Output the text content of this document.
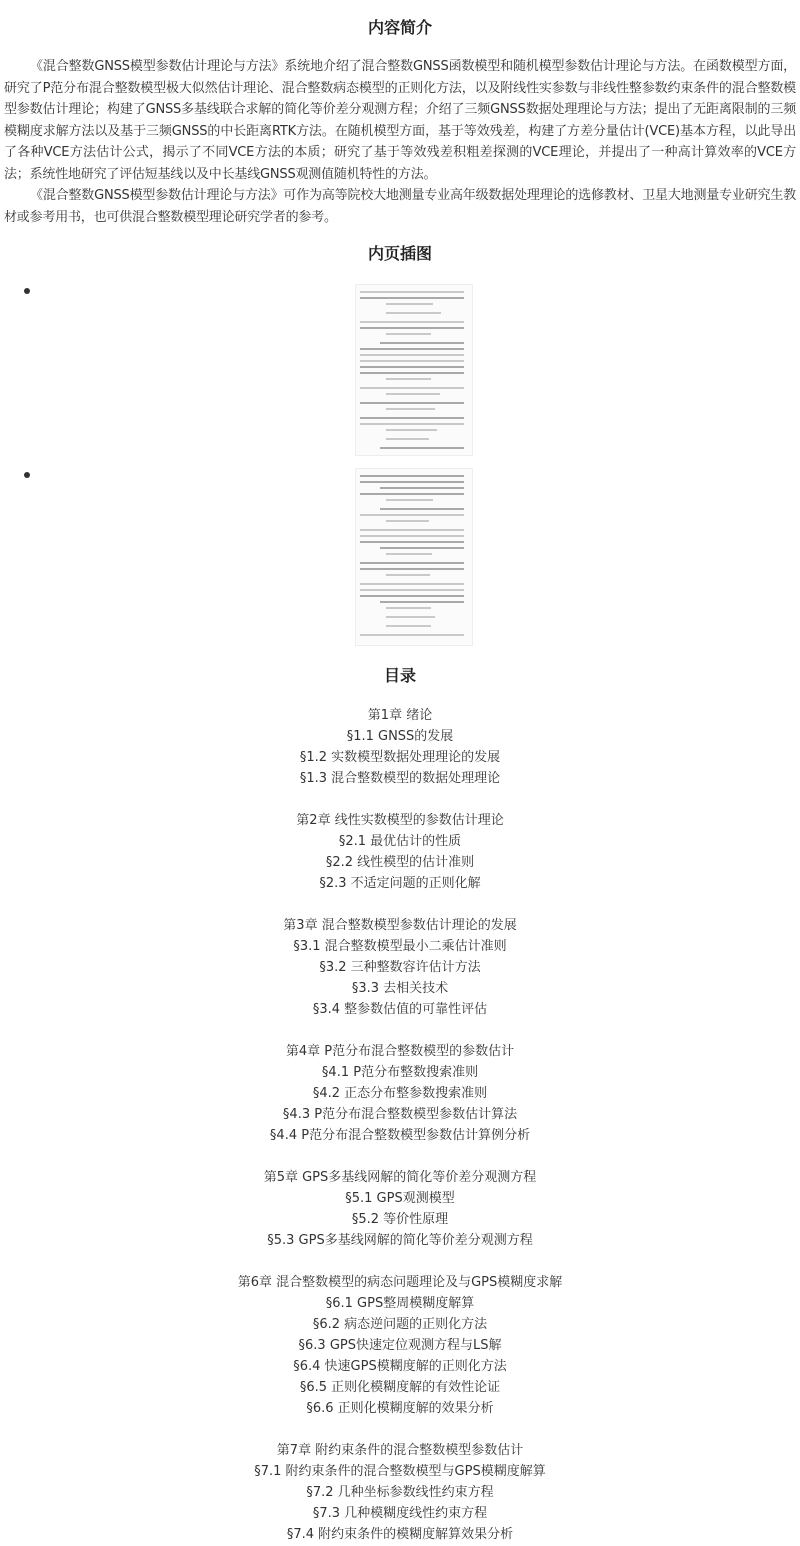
内容简介

《混合整数GNSS模型参数估计理论与方法》系统地介绍了混合整数GNSS函数模型和随机模型参数估计理论与方法。在函数模型方面，研究了P范分布混合整数模型极大似然估计理论、混合整数病态模型的正则化方法，以及附线性实参数与非线性整参数约束条件的混合整数模型参数估计理论；构建了GNSS多基线联合求解的简化等价差分观测方程；介绍了三频GNSS数据处理理论与方法；提出了无距离限制的三频模糊度求解方法以及基于三频GNSS的中长距离RTK方法。在随机模型方面，基于等效残差，构建了方差分量估计(VCE)基本方程，以此导出了各种VCE方法估计公式，揭示了不同VCE方法的本质；研究了基于等效残差积粗差探测的VCE理论，并提出了一种高计算效率的VCE方法；系统性地研究了评估短基线以及中长基线GNSS观测值随机特性的方法。

《混合整数GNSS模型参数估计理论与方法》可作为高等院校大地测量专业高年级数据处理理论的选修教材、卫星大地测量专业研究生教材或参考用书，也可供混合整数模型理论研究学者的参考。

内页插图
目录
第1章 绪论
§1.1 GNSS的发展
§1.2 实数模型数据处理理论的发展
§1.3 混合整数模型的数据处理理论
第2章 线性实数模型的参数估计理论
§2.1 最优估计的性质
§2.2 线性模型的估计准则
§2.3 不适定问题的正则化解
第3章 混合整数模型参数估计理论的发展
§3.1 混合整数模型最小二乘估计准则
§3.2 三种整数容许估计方法
§3.3 去相关技术
§3.4 整参数估值的可靠性评估
第4章 P范分布混合整数模型的参数估计
§4.1 P范分布整数搜索准则
§4.2 正态分布整参数搜索准则
§4.3 P范分布混合整数模型参数估计算法
§4.4 P范分布混合整数模型参数估计算例分析
第5章 GPS多基线网解的简化等价差分观测方程
§5.1 GPS观测模型
§5.2 等价性原理
§5.3 GPS多基线网解的简化等价差分观测方程
第6章 混合整数模型的病态问题理论及与GPS模糊度求解
§6.1 GPS整周模糊度解算
§6.2 病态逆问题的正则化方法
§6.3 GPS快速定位观测方程与LS解
§6.4 快速GPS模糊度解的正则化方法
§6.5 正则化模糊度解的有效性论证
§6.6 正则化模糊度解的效果分析
第7章 附约束条件的混合整数模型参数估计
§7.1 附约束条件的混合整数模型与GPS模糊度解算
§7.2 几种坐标参数线性约束方程
§7.3 几种模糊度线性约束方程
§7.4 附约束条件的模糊度解算效果分析
